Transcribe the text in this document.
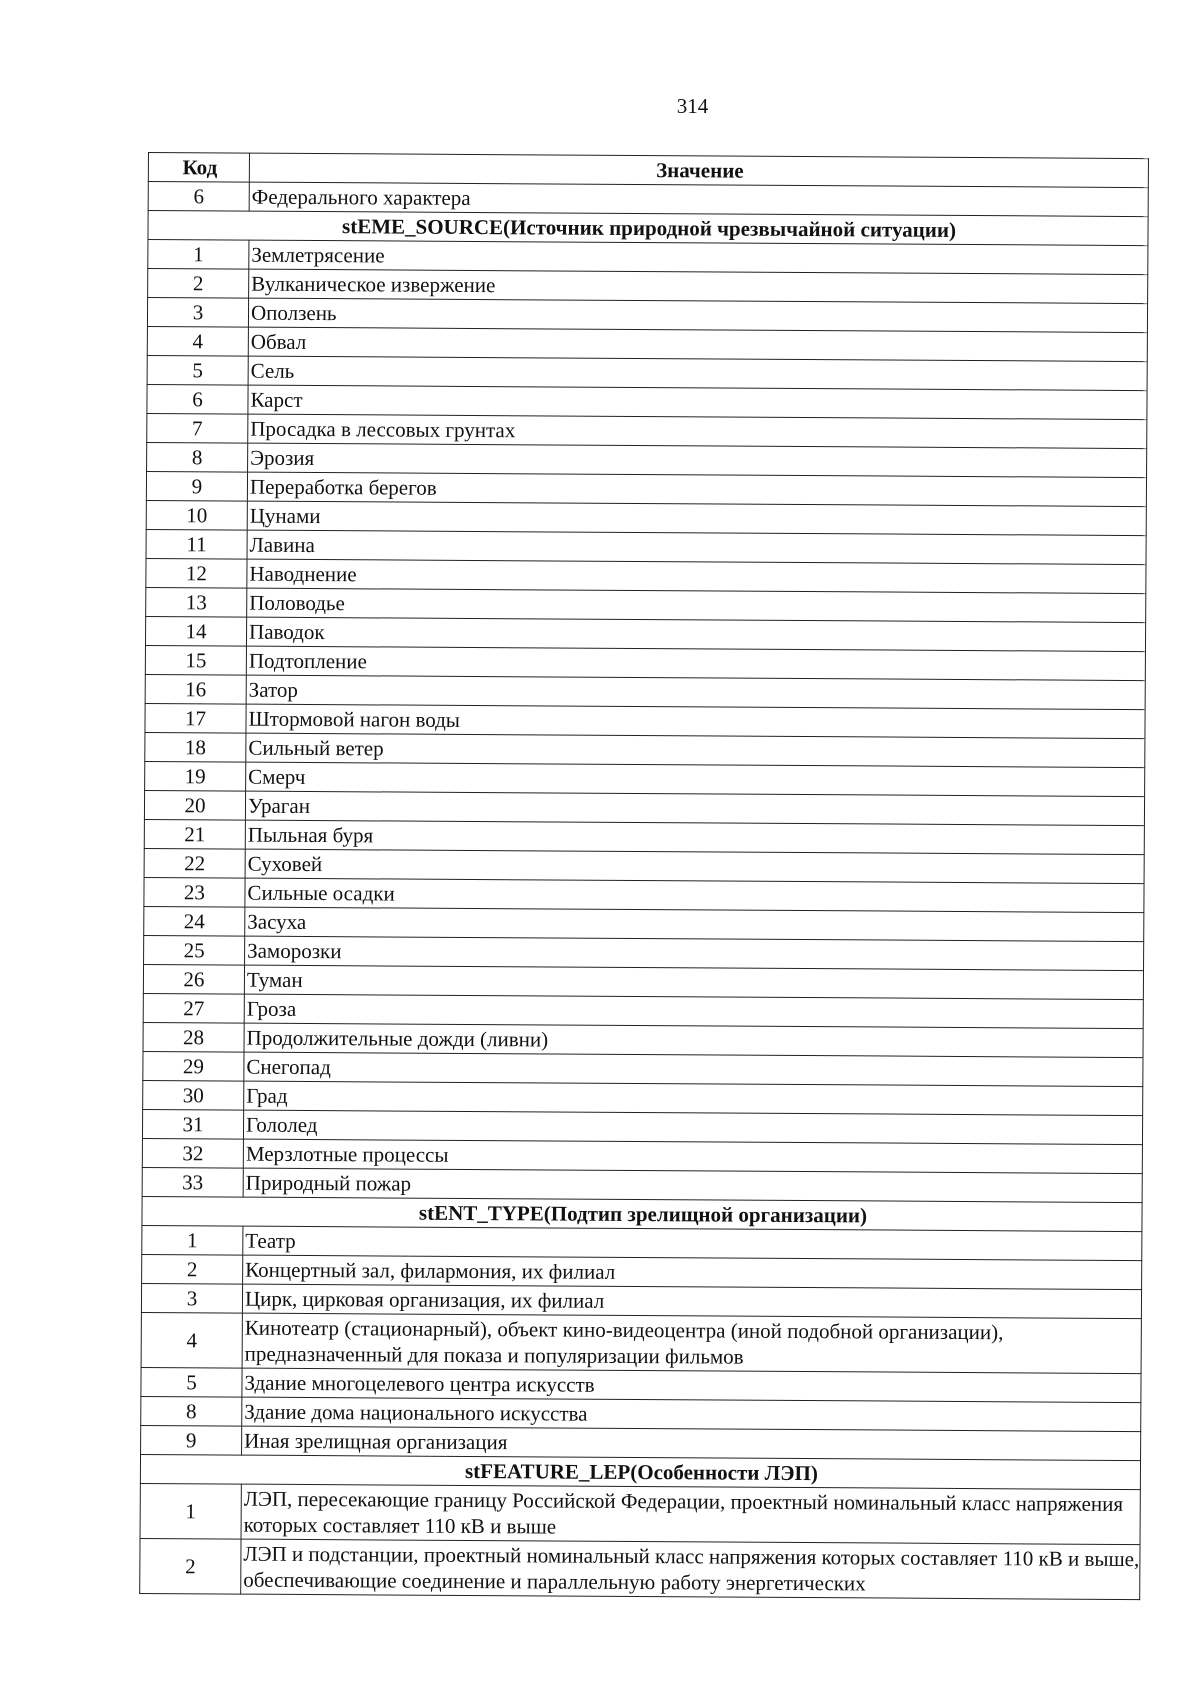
314
Код	Значение
6	Федерального характера
stEME_SOURCE(Источник природной чрезвычайной ситуации)	
1	Землетрясение
2	Вулканическое извержение
3	Оползень
4	Обвал
5	Сель
6	Карст
7	Просадка в лессовых грунтах
8	Эрозия
9	Переработка берегов
10	Цунами
11	Лавина
12	Наводнение
13	Половодье
14	Паводок
15	Подтопление
16	Затор
17	Штормовой нагон воды
18	Сильный ветер
19	Смерч
20	Ураган
21	Пыльная буря
22	Суховей
23	Сильные осадки
24	Засуха
25	Заморозки
26	Туман
27	Гроза
28	Продолжительные дожди (ливни)
29	Снегопад
30	Град
31	Гололед
32	Мерзлотные процессы
33	Природный пожар
stENT_TYPE(Подтип зрелищной организации)	
1	Театр
2	Концертный зал, филармония, их филиал
3	Цирк, цирковая организация, их филиал
4	Кинотеатр (стационарный), объект кино-видеоцентра (иной подобной организации), предназначенный для показа и популяризации фильмов
5	Здание многоцелевого центра искусств
8	Здание дома национального искусства
9	Иная зрелищная организация
stFEATURE_LEP(Особенности ЛЭП)	
1	ЛЭП, пересекающие границу Российской Федерации, проектный номинальный класс напряжения которых составляет 110 кВ и выше
2	ЛЭП и подстанции, проектный номинальный класс напряжения которых составляет 110 кВ и выше, обеспечивающие соединение и параллельную работу энергетических
